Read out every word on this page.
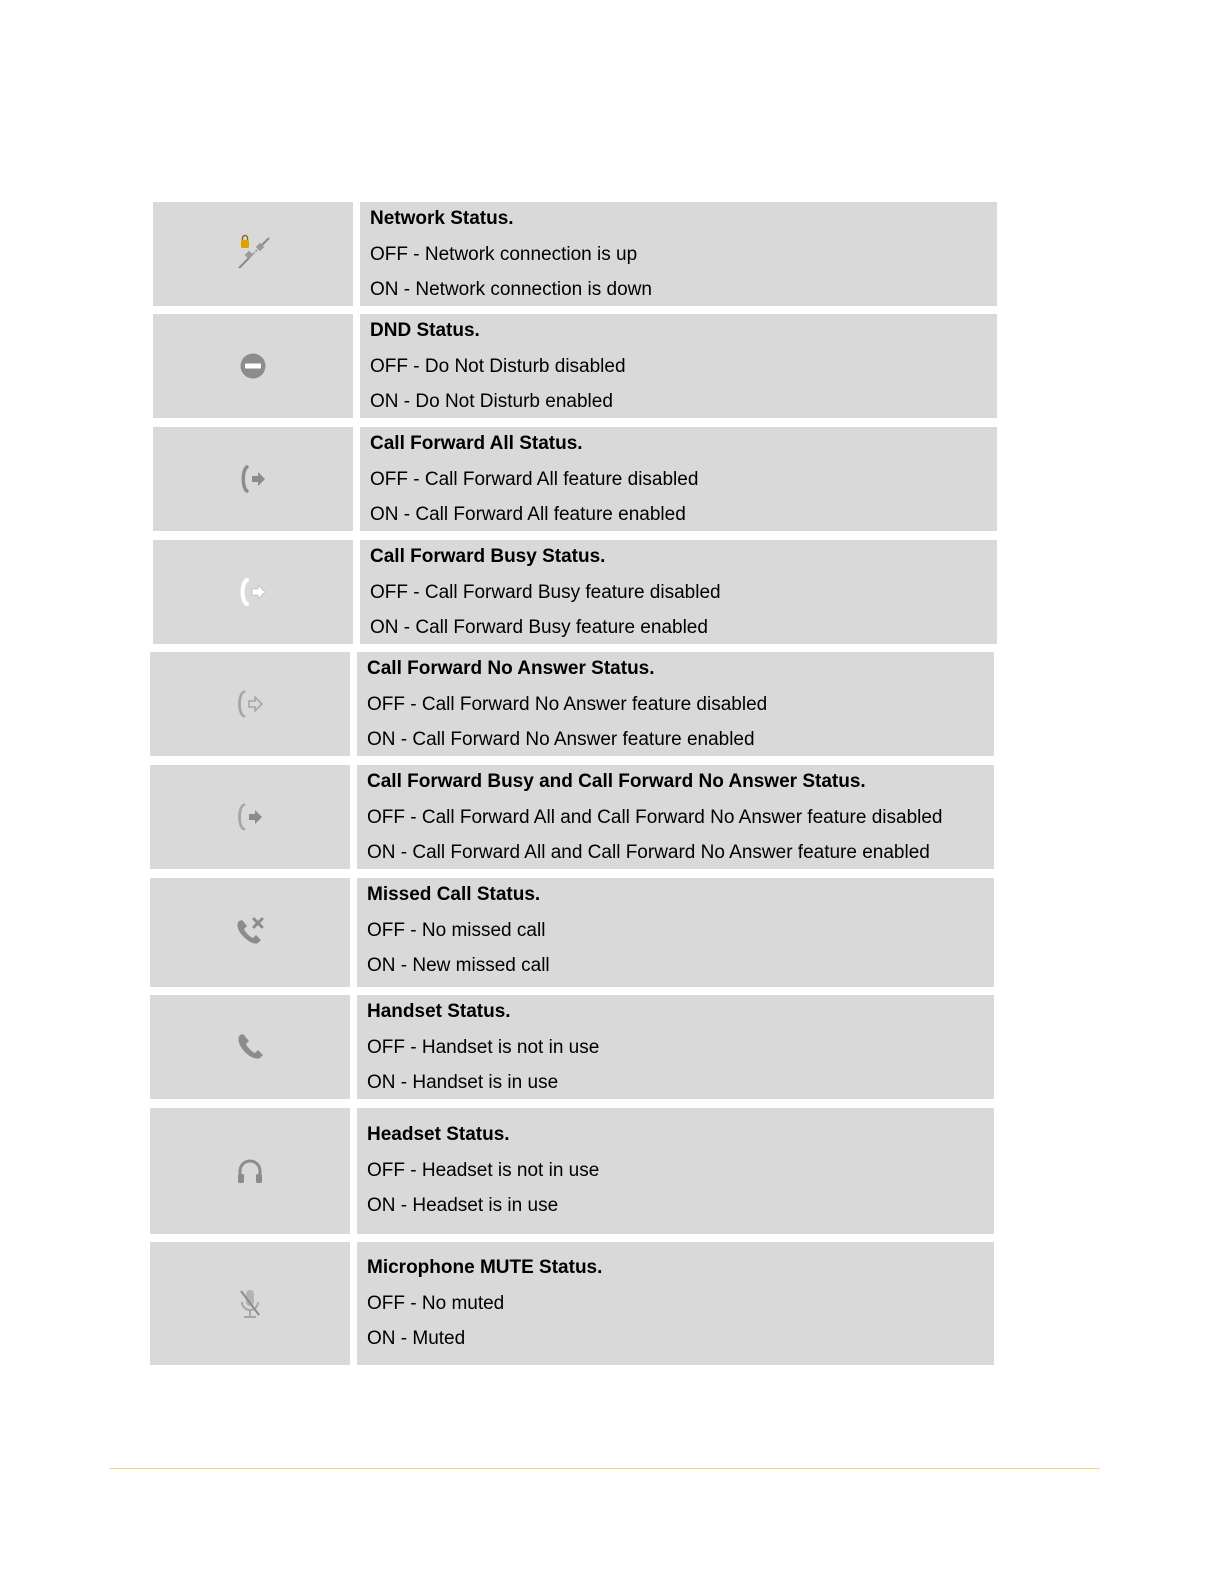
Network Status.
OFF - Network connection is up
ON - Network connection is down
DND Status.
OFF - Do Not Disturb disabled
ON - Do Not Disturb enabled
Call Forward All Status.
OFF - Call Forward All feature disabled
ON - Call Forward All feature enabled
Call Forward Busy Status.
OFF - Call Forward Busy feature disabled
ON - Call Forward Busy feature enabled
Call Forward No Answer Status.
OFF - Call Forward No Answer feature disabled
ON - Call Forward No Answer feature enabled
Call Forward Busy and Call Forward No Answer Status.
OFF - Call Forward All and Call Forward No Answer feature disabled
ON - Call Forward All and Call Forward No Answer feature enabled
Missed Call Status.
OFF - No missed call
ON - New missed call
Handset Status.
OFF - Handset is not in use
ON - Handset is in use
Headset Status.
OFF - Headset is not in use
ON - Headset is in use
Microphone MUTE Status.
OFF - No muted
ON - Muted
